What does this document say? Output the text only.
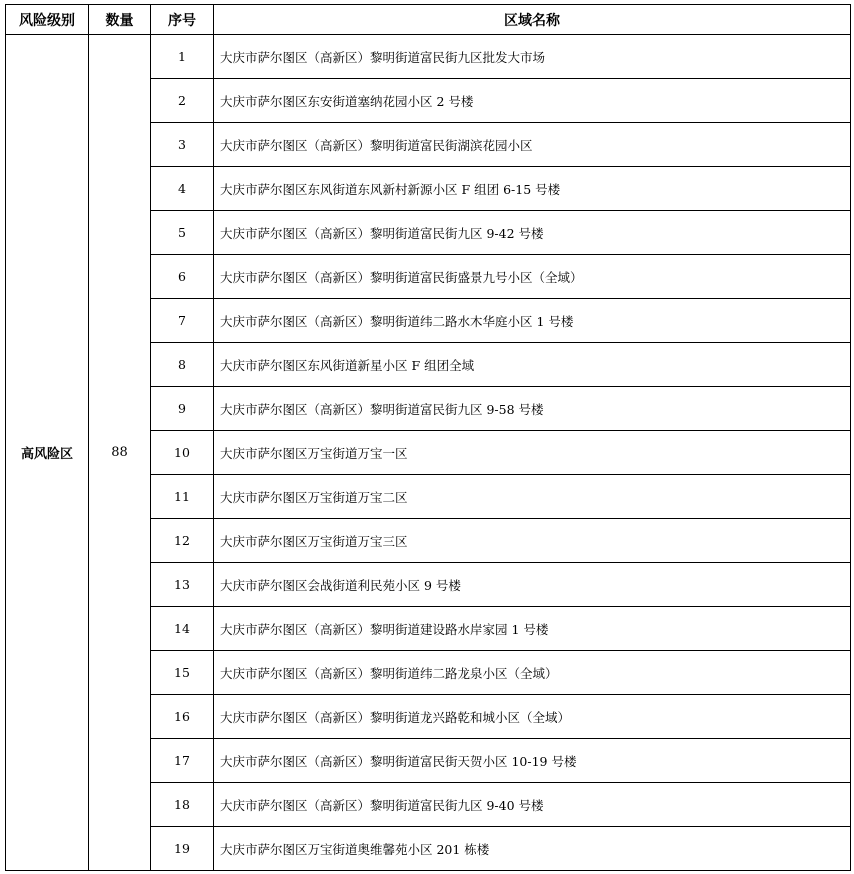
风险级别	数量	序号	区域名称
高风险区	88	1	大庆市萨尔图区（高新区）黎明街道富民街九区批发大市场
		2	大庆市萨尔图区东安街道塞纳花园小区 2 号楼
		3	大庆市萨尔图区（高新区）黎明街道富民街湖滨花园小区
		4	大庆市萨尔图区东风街道东风新村新源小区 F 组团 6-15 号楼
		5	大庆市萨尔图区（高新区）黎明街道富民街九区 9-42 号楼
		6	大庆市萨尔图区（高新区）黎明街道富民街盛景九号小区（全域）
		7	大庆市萨尔图区（高新区）黎明街道纬二路水木华庭小区 1 号楼
		8	大庆市萨尔图区东风街道新星小区 F 组团全域
		9	大庆市萨尔图区（高新区）黎明街道富民街九区 9-58 号楼
		10	大庆市萨尔图区万宝街道万宝一区
		11	大庆市萨尔图区万宝街道万宝二区
		12	大庆市萨尔图区万宝街道万宝三区
		13	大庆市萨尔图区会战街道利民苑小区 9 号楼
		14	大庆市萨尔图区（高新区）黎明街道建设路水岸家园 1 号楼
		15	大庆市萨尔图区（高新区）黎明街道纬二路龙泉小区（全域）
		16	大庆市萨尔图区（高新区）黎明街道龙兴路乾和城小区（全域）
		17	大庆市萨尔图区（高新区）黎明街道富民街天贺小区 10-19 号楼
		18	大庆市萨尔图区（高新区）黎明街道富民街九区 9-40 号楼
		19	大庆市萨尔图区万宝街道奥维馨苑小区 201 栋楼
